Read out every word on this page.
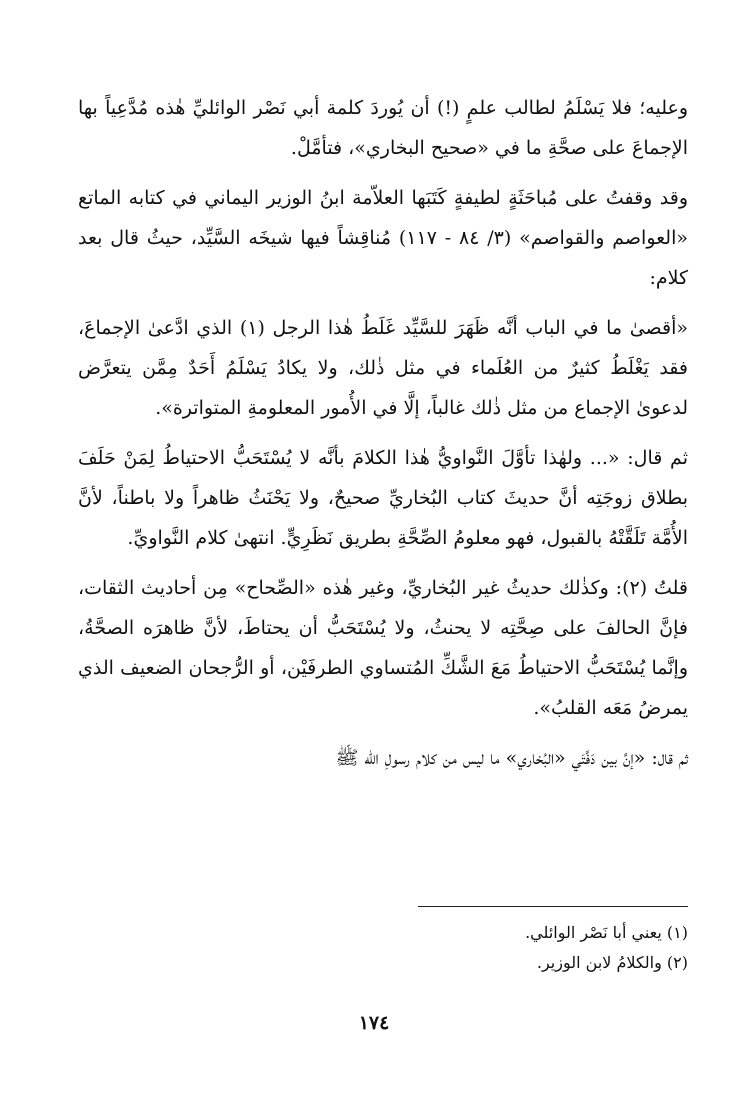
وعليه؛ فلا يَسْلَمُ لطالب علمٍ (!) أن يُوردَ كلمة أبي نَصْر الوائليِّ هٰذه مُدَّعِياً بها الإجماعَ على صحَّةِ ما في «صحيح البخاري»، فتأمَّلْ.

وقد وقفتُ على مُباحَثَةٍ لطيفةٍ كَتَبَها العلاّمة ابنُ الوزير اليماني في كتابه الماتع «العواصم والقواصم» (٣/ ٨٤ - ١١٧) مُناقِشاً فيها شيخَه السَّيِّد، حيثُ قال بعد كلام:

«أقصىٰ ما في الباب أنَّه ظَهَرَ للسَّيِّد غَلَطُ هٰذا الرجل (١) الذي ادَّعىٰ الإجماعَ، فقد يَغْلَطُ كثيرٌ من العُلَماء في مثل ذٰلك، ولا يكادُ يَسْلَمُ أَحَدٌ مِمَّن يتعرَّض لدعوىٰ الإجماع من مثل ذٰلك غالباً، إلَّا في الأُمور المعلومةِ المتواترة».

ثم قال: «... ولهٰذا تأوَّلَ النَّواويُّ هٰذا الكلامَ بأنَّه لا يُسْتَحَبُّ الاحتياطُ لِمَنْ حَلَفَ بطلاق زوجَتِه أنَّ حديثَ كتاب البُخاريِّ صحيحٌ، ولا يَحْنَثُ ظاهراً ولا باطناً، لأنَّ الأُمَّة تَلَقَّتْهُ بالقبول، فهو معلومُ الصِّحَّةِ بطريق نَظَرِيٍّ. انتهىٰ كلام النَّواويِّ.

قلتُ (٢): وكذٰلك حديثُ غير البُخاريِّ، وغير هٰذه «الصِّحاح» مِن أحاديث الثقات، فإنَّ الحالفَ على صِحَّتِه لا يحنثُ، ولا يُسْتَحَبُّ أن يحتاطَ، لأنَّ ظاهرَه الصحَّةُ، وإنَّما يُسْتَحَبُّ الاحتياطُ مَعَ الشَّكِّ المُتساوي الطرفَيْن، أو الرُّجحان الضعيف الذي يمرضُ مَعَه القلبُ».

ثم قال: «إنَّ بين دَفَّتَي «البُخاري» ما ليس من كلام رسولِ الله ﷺ

(١) يعني أبا نَصْر الوائلي.

(٢) والكلامُ لابن الوزير.

١٧٤
